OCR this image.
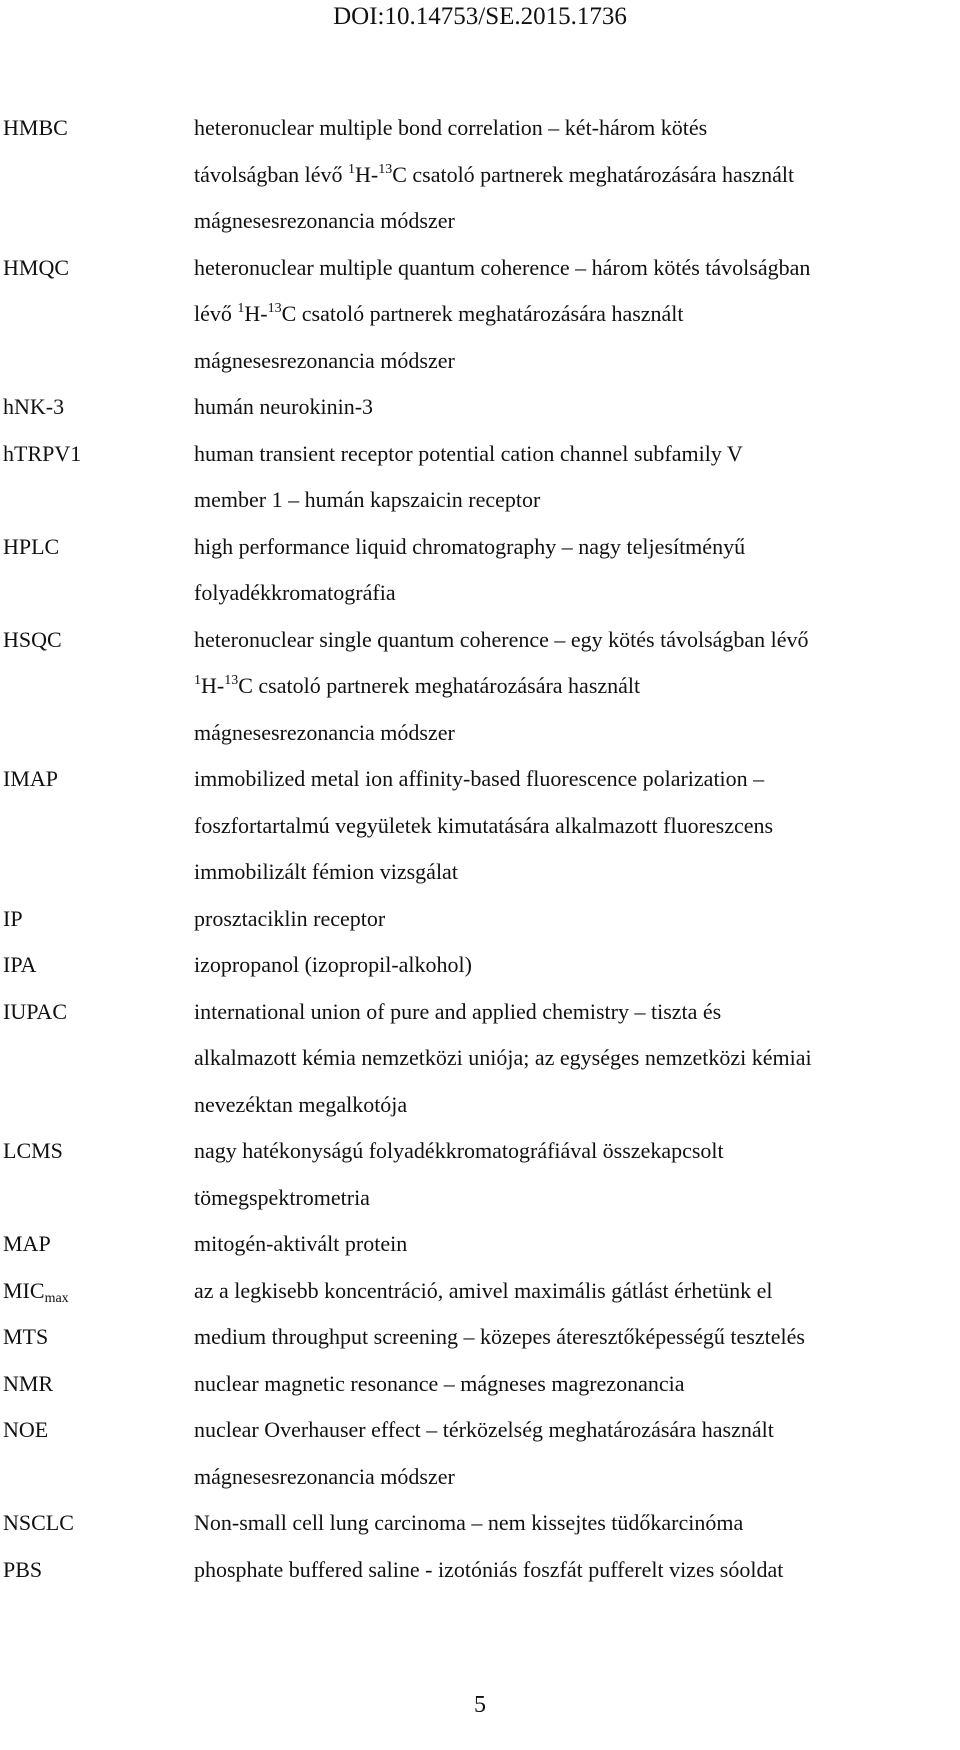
DOI:10.14753/SE.2015.1736
HMBC	heteronuclear multiple bond correlation – két-három kötés
távolságban lévő $^1$H-$^{13}$C csatoló partnerek meghatározására használt
mágnesesrezonancia módszer
HMQC	heteronuclear multiple quantum coherence – három kötés távolságban
lévő $^1$H-$^{13}$C csatoló partnerek meghatározására használt
mágnesesrezonancia módszer
hNK-3	humán neurokinin-3
hTRPV1	human transient receptor potential cation channel subfamily V
member 1 – humán kapszaicin receptor
HPLC	high performance liquid chromatography – nagy teljesítményű
folyadékkromatográfia
HSQC	heteronuclear single quantum coherence – egy kötés távolságban lévő
$^1$H-$^{13}$C csatoló partnerek meghatározására használt
mágnesesrezonancia módszer
IMAP	immobilized metal ion affinity-based fluorescence polarization –
foszfortartalmú vegyületek kimutatására alkalmazott fluoreszcens
immobilizált fémion vizsgálat
IP	prosztaciklin receptor
IPA	izopropanol (izopropil-alkohol)
IUPAC	international union of pure and applied chemistry – tiszta és
alkalmazott kémia nemzetközi uniója; az egységes nemzetközi kémiai
nevezéktan megalkotója
LCMS	nagy hatékonyságú folyadékkromatográfiával összekapcsolt
tömegspektrometria
MAP	mitogén-aktivált protein
$MIC_{max}$	az a legkisebb koncentráció, amivel maximális gátlást érhetünk el
MTS	medium throughput screening – közepes áteresztőképességű tesztelés
NMR	nuclear magnetic resonance – mágneses magrezonancia
NOE	nuclear Overhauser effect – térközelség meghatározására használt
mágnesesrezonancia módszer
NSCLC	Non-small cell lung carcinoma – nem kissejtes tüdőkarcinóma
PBS	phosphate buffered saline - izotóniás foszfát pufferelt vizes sóoldat
5
